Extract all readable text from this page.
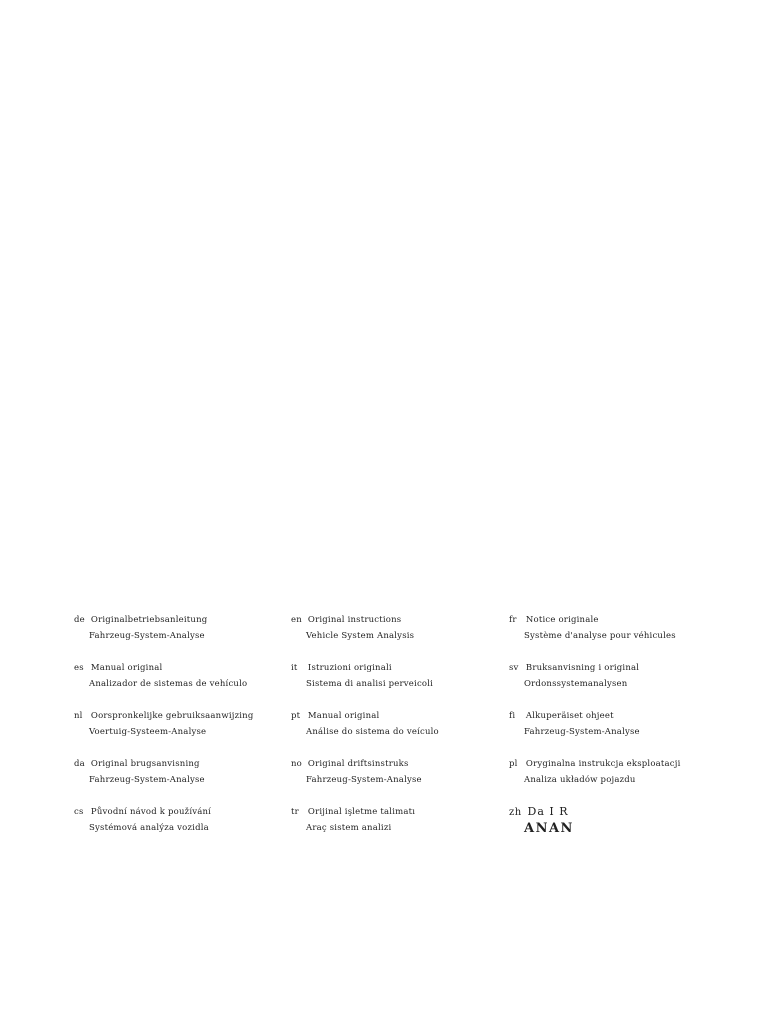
de Originalbetriebsanleitung
Fahrzeug-System-Analyse
en Original instructions
Vehicle System Analysis
fr Notice originale
Système d'analyse pour véhicules
es Manual original
Analizador de sistemas de vehículo
it Istruzioni originali
Sistema di analisi perveicoli
sv Bruksanvisning i original
Ordonssystemanalysen
nl Oorspronkelijke gebruiksaanwijzing
Voertuig-Systeem-Analyse
pt Manual original
Análise do sistema do veículo
fi Alkuperäiset ohjeet
Fahrzeug-System-Analyse
da Original brugsanvisning
Fahrzeug-System-Analyse
no Original driftsinstruks
Fahrzeug-System-Analyse
pl Oryginalna instrukcja eksploatacji
Analiza układów pojazdu
cs Původní návod k používání
Systémová analýza vozidla
tr Orijinal işletme talimatı
Araç sistem analizi
zh Da I R
ANAN
